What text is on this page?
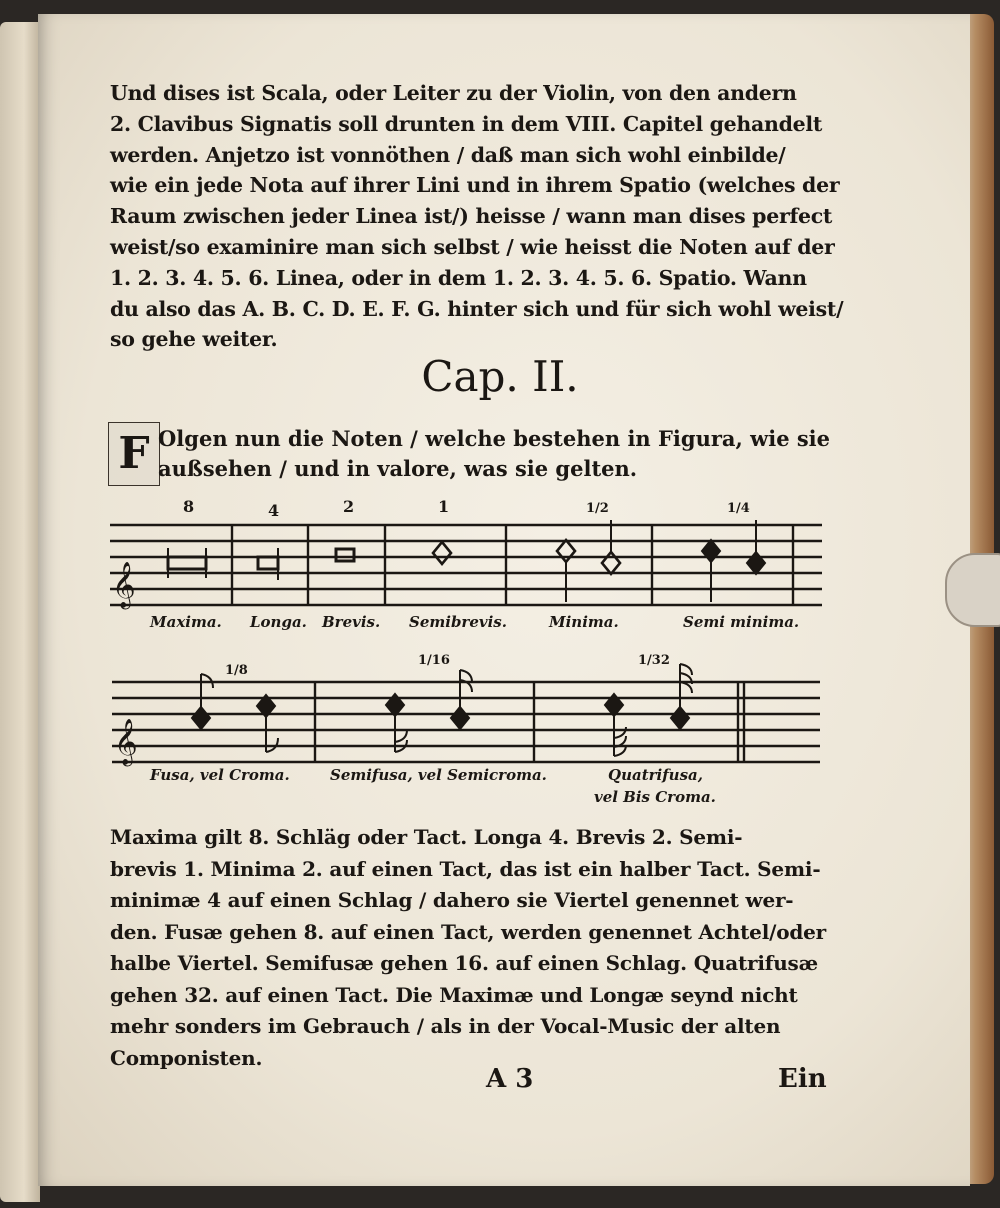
Und dises ist Scala, oder Leiter zu der Violin, von den andern

2. Clavibus Signatis soll drunten in dem VIII. Capitel gehandelt

werden. Anjetzo ist vonnöthen / daß man sich wohl einbilde/

wie ein jede Nota auf ihrer Lini und in ihrem Spatio (welches der

Raum zwischen jeder Linea ist/) heisse / wann man dises perfect

weist/so examinire man sich selbst / wie heisst die Noten auf der

1. 2. 3. 4. 5. 6. Linea, oder in dem 1. 2. 3. 4. 5. 6. Spatio. Wann

du also das A. B. C. D. E. F. G. hinter sich und für sich wohl weist/

so gehe weiter.

Cap. II.
F Olgen nun die Noten / welche bestehen in Figura, wie sie
außsehen / und in valore, was sie gelten.
𝄞
𝄞
8	4	2	1	1/2	1/4
Maxima. Longa. Brevis. Semibrevis.	Minima.	Semi minima.
1/8
1/16	1/32
Fusa, vel Croma.	Semifusa, vel Semicroma.	Quatrifusa,
vel Bis Croma.

Maxima gilt 8. Schläg oder Tact. Longa 4. Brevis 2. Semi-

brevis 1. Minima 2. auf einen Tact, das ist ein halber Tact. Semi-

minimæ 4 auf einen Schlag / dahero sie Viertel genennet wer-

den. Fusæ gehen 8. auf einen Tact, werden genennet Achtel/oder

halbe Viertel. Semifusæ gehen 16. auf einen Schlag. Quatrifusæ

gehen 32. auf einen Tact. Die Maximæ und Longæ seynd nicht

mehr sonders im Gebrauch / als in der Vocal-Music der alten

Componisten.

A 3	Ein
